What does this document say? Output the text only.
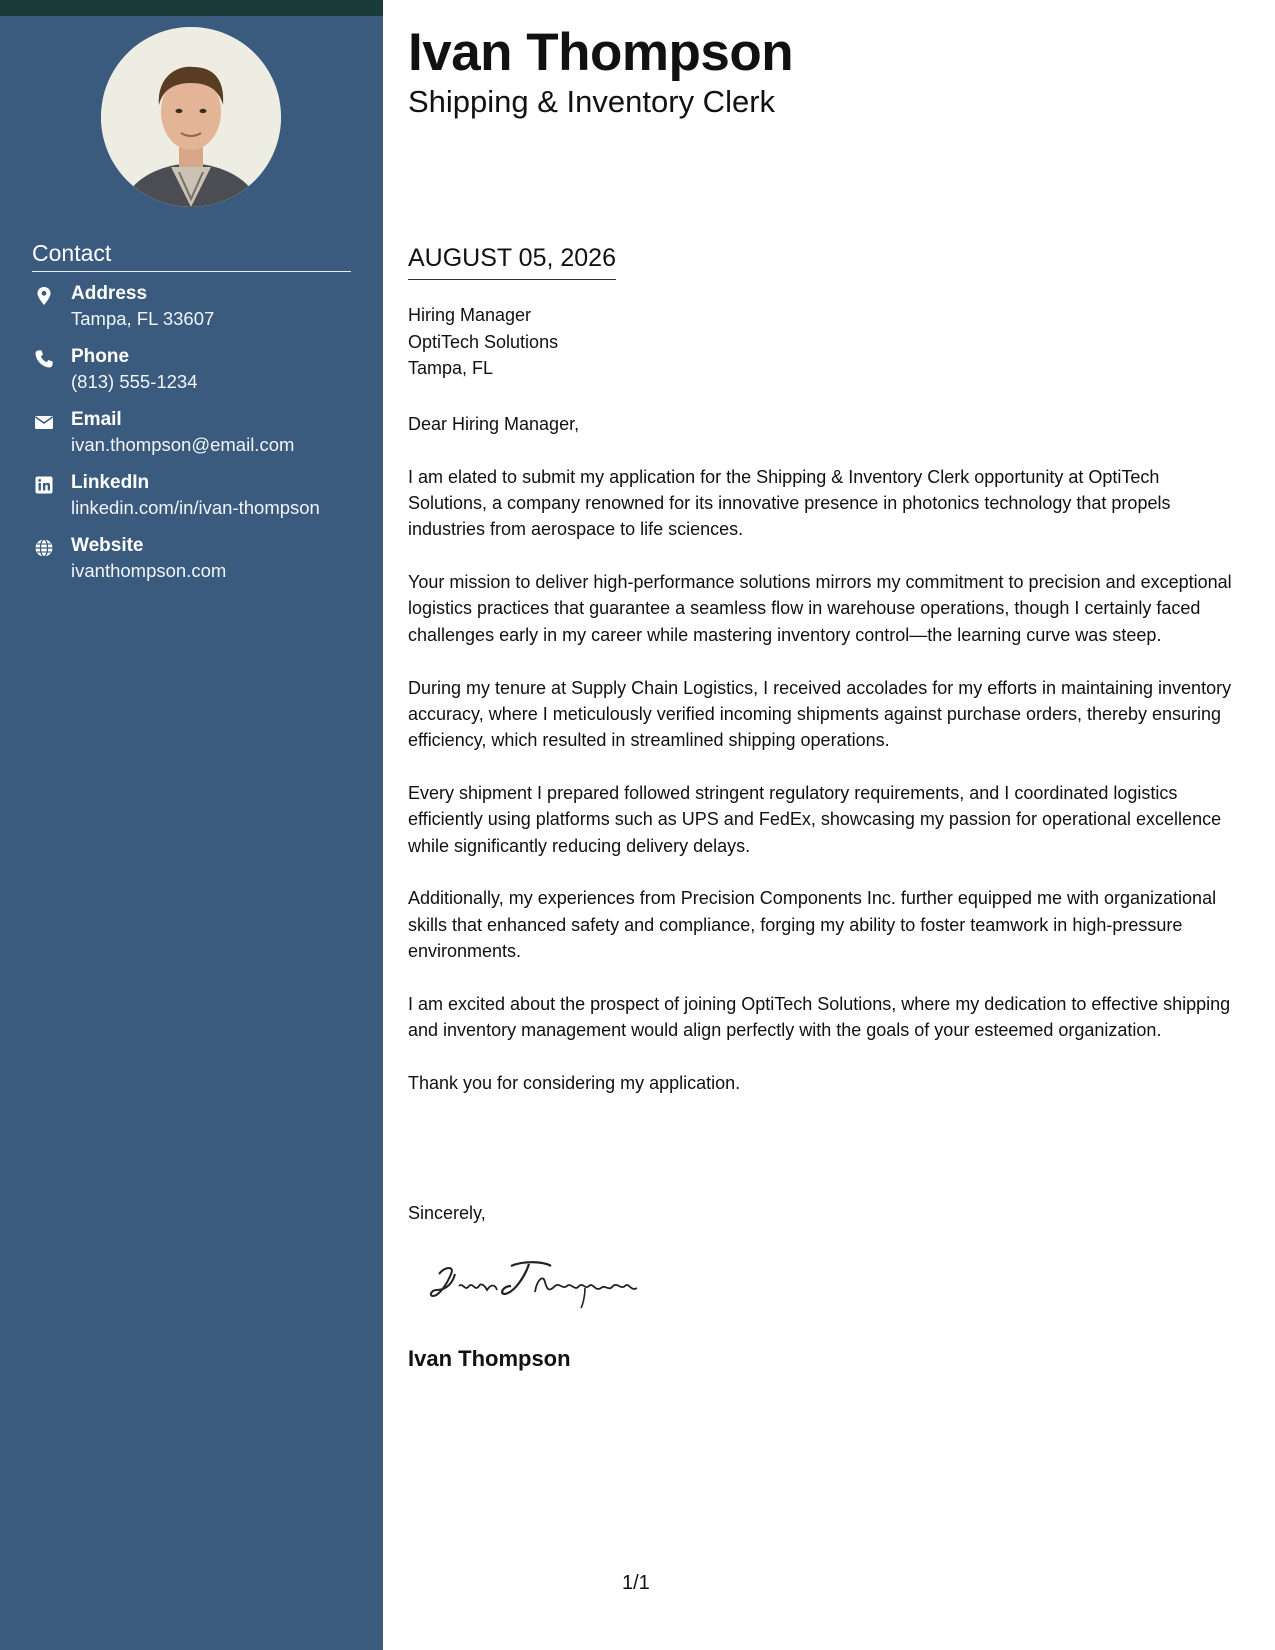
Contact
Address
Tampa, FL 33607
Phone
(813) 555-1234
Email
ivan.thompson@email.com
LinkedIn
linkedin.com/in/ivan-thompson
Website
ivanthompson.com
Ivan Thompson
Shipping & Inventory Clerk
AUGUST 05, 2026
Hiring Manager
OptiTech Solutions
Tampa, FL

Dear Hiring Manager,

I am elated to submit my application for the Shipping & Inventory Clerk opportunity at OptiTech Solutions, a company renowned for its innovative presence in photonics technology that propels industries from aerospace to life sciences.

Your mission to deliver high-performance solutions mirrors my commitment to precision and exceptional logistics practices that guarantee a seamless flow in warehouse operations, though I certainly faced challenges early in my career while mastering inventory control—the learning curve was steep.

During my tenure at Supply Chain Logistics, I received accolades for my efforts in maintaining inventory accuracy, where I meticulously verified incoming shipments against purchase orders, thereby ensuring efficiency, which resulted in streamlined shipping operations.

Every shipment I prepared followed stringent regulatory requirements, and I coordinated logistics efficiently using platforms such as UPS and FedEx, showcasing my passion for operational excellence while significantly reducing delivery delays.

Additionally, my experiences from Precision Components Inc. further equipped me with organizational skills that enhanced safety and compliance, forging my ability to foster teamwork in high-pressure environments.

I am excited about the prospect of joining OptiTech Solutions, where my dedication to effective shipping and inventory management would align perfectly with the goals of your esteemed organization.

Thank you for considering my application.

Sincerely,
Ivan Thompson
1/1
